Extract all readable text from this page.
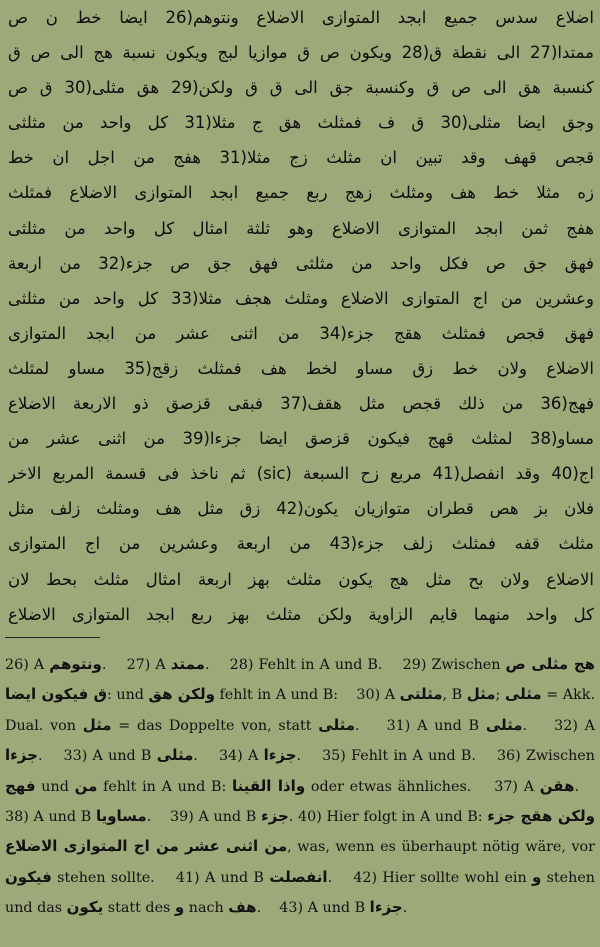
اضلاع سدس جميع ابجد المتوازى الاضلاع ونتوهم(26 ايضا خط ن ص
ممتدا(27 الى نقطة ق(28 ويكون ص ق موازيا لبج ويكون نسبة هج الى ص ق
كنسبة هق الى ص ق وكنسبة جق الى ق ق ولكن(29 هق مثلى(30 ق ص
وجق ايضا مثلى(30 ق ف فمثلث هق ج مثلا(31 كل واحد من مثلثى
قجص قهف وقد تبين ان مثلث زج مثلا(31 هفج من اجل ان خط
زه مثلا خط هف ومثلث زهج ربع جميع ابجد المتوازى الاضلاع فمثلث
هفج ثمن ابجد المتوازى الاضلاع وهو ثلثة امثال كل واحد من مثلثى
فهق جق ص فكل واحد من مثلثى فهق جق ص جزء(32 من اربعة
وعشرين من اج المتوازى الاضلاع ومثلث هجف مثلا(33 كل واحد من مثلثى
فهق قجص فمثلث هقج جزء(34 من اثنى عشر من ابجد المتوازى
الاضلاع ولان خط زق مساو لخط هف فمثلث زقج(35 مساو لمثلث
فهج(36 من ذلك قجص مثل هقف(37 فبقى قزصق ذو الاربعة الاضلاع
مساو(38 لمثلث قهج فيكون قزصق ايضا جزءا(39 من اثنى عشر من
اج(40 وقد انفصل(41 مربع زح السبعة (sic) ثم ناخذ فى قسمة المربع الاخر
فلان بز هص قطران متوازيان يكون(42 زق مثل هف ومثلث زلف مثل
مثلث قفه فمثلث زلف جزء(43 من اربعة وعشرين من اج المتوازى
الاضلاع ولان بح مثل هج يكون مثلث بهز اربعة امثال مثلث بحط لان
كل واحد منهما قايم الزاوية ولكن مثلث بهز ربع ابجد المتوازى الاضلاع
26) A ونتوهم. 27) A ممتد. 28) Fehlt in A und B. 29) Zwischen هج مثلى ص ق فيكون ايضا: und ولكن هق fehlt in A und B: 30) A مثلتى, B مثل; مثلى = Akk. Dual. von مثل = das Doppelte von, statt مثلى. 31) A und B مثلى. 32) A جزءا. 33) A und B مثلى. 34) A جزءا. 35) Fehlt in A und B. 36) Zwischen فهج und من fehlt in A und B: واذا القينا oder etwas ähnliches. 37) A هقن.    38) A und B مساويا. 39) A und B جزء. 40) Hier folgt in A und B: ولكن هقج جزء من اثنى عشر من اج المتوازى الاضلاع, was, wenn es überhaupt nötig wäre, vor فيكون stehen sollte. 41) A und B انفصلت. 42) Hier sollte wohl ein و stehen und das يكون statt des و nach هف. 43) A und B جزءا.
